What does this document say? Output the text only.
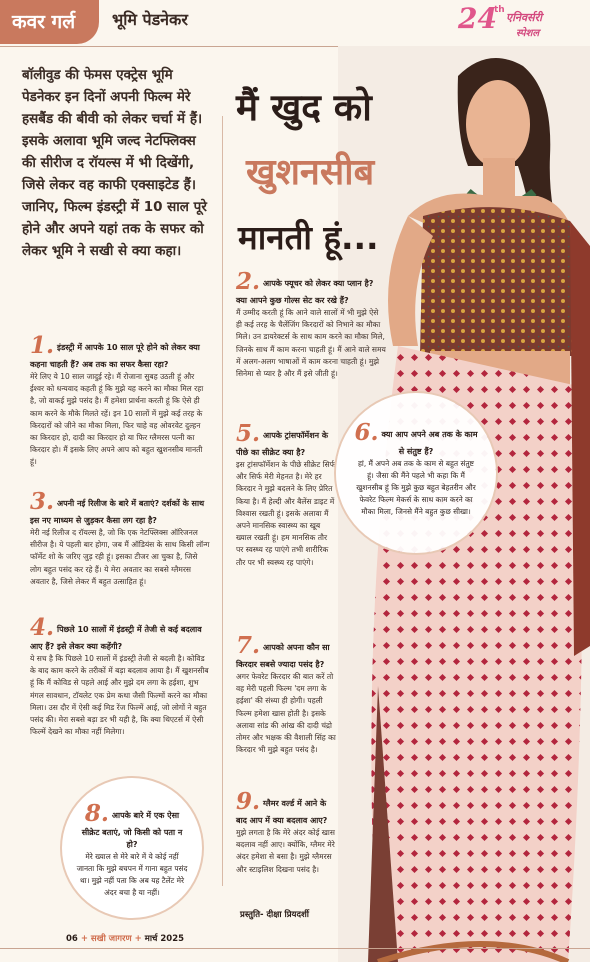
कवर गर्ल	भूमि पेडनेकर	24
th
एनिवर्सरी
स्पेशल
बॉलीवुड की फेमस एक्ट्रेस भूमि पेडनेकर इन दिनों अपनी फिल्म मेरे हसबैंड की बीवी को लेकर चर्चा में हैं। इसके अलावा भूमि जल्द नेटफ्लिक्स की सीरीज द रॉयल्स में भी दिखेंगी, जिसे लेकर वह काफी एक्साइटेड हैं। जानिए, फिल्म इंडस्ट्री में 10 साल पूरे होने और अपने यहां तक के सफर को लेकर भूमि ने सखी से क्या कहा।
मैं खुद को
खुशनसीब
मानती हूं...
1. इंडस्ट्री में आपके 10 साल पूरे होने को लेकर क्या कहना चाहती हैं? अब तक का सफर कैसा रहा?
मेरे लिए ये 10 साल जादुई रहे। मैं रोजाना सुबह उठती हूं और ईश्वर को धन्यवाद कहती हूं कि मुझे यह करने का मौका मिल रहा है, जो वाकई मुझे पसंद है। मैं हमेशा प्रार्थना करती हूं कि ऐसे ही काम करने के मौके मिलते रहें। इन 10 सालों में मुझे कई तरह के किरदारों को जीने का मौका मिला, फिर चाहे वह ओवरवेट दुल्हन का किरदार हो, दादी का किरदार हो या फिर ग्लैमरस पत्नी का किरदार हो। मैं इसके लिए अपने आप को बहुत खुशनसीब मानती हूं।
3. अपनी नई रिलीज के बारे में बताएं? दर्शकों के साथ इस नए माध्यम से जुड़कर कैसा लग रहा है?
मेरी नई रिलीज द रॉयल्स है, जो कि एक नेटफ्लिक्स ऑरिजनल सीरीज है। ये पहली बार होगा, जब मैं ऑडियंस के साथ किसी लॉन्ग फॉर्मेट शो के जरिए जुड़ रही हूं। इसका टीजर आ चुका है, जिसे लोग बहुत पसंद कर रहे हैं। ये मेरा अवतार का सबसे ग्लैमरस अवतार है, जिसे लेकर मैं बहुत उत्साहित हूं।
4. पिछले 10 सालों में इंडस्ट्री में तेजी से कई बदलाव आए हैं? इसे लेकर क्या कहेंगी?
ये सच है कि पिछले 10 सालों में इंडस्ट्री तेजी से बदली है। कोविड के बाद काम करने के तरीकों में बड़ा बदलाव आया है। मैं खुशनसीब हूं कि मैं कोविड से पहले आई और मुझे दम लगा के हईशा, शुभ मंगल सावधान, टॉयलेट एक प्रेम कथा जैसी फिल्मों करने का मौका मिला। उस दौर में ऐसी कई मिड रेंज फिल्में आई, जो लोगों ने बहुत पसंद की। मेरा सबसे बड़ा डर भी यही है, कि क्या थिएटर्स में ऐसी फिल्में देखने का मौका नहीं मिलेगा।
2. आपके फ्यूचर को लेकर क्या प्लान है? क्या आपने कुछ गोल्स सेट कर रखे हैं?
मैं उम्मीद करती हूं कि आने वाले सालों में भी मुझे ऐसे ही कई तरह के चैलेंजिंग किरदारों को निभाने का मौका मिले। उन डायरेक्टर्स के साथ काम करने का मौका मिले, जिनके साथ मैं काम करना चाहती हूं। मैं आने वाले समय में अलग-अलग भाषाओं में काम करना चाहती हूं। मुझे सिनेमा से प्यार है और मैं इसे जीती हूं।
5. आपके ट्रांसफॉर्मेशन के पीछे का सीक्रेट क्या है?
इस ट्रांसफॉर्मेशन के पीछे सीक्रेट सिर्फ और सिर्फ मेरी मेहनत है। मेरे हर किरदार ने मुझे बदलने के लिए प्रेरित किया है। मैं हेल्दी और बैलेंस डाइट में विश्वास रखती हूं। इसके अलावा मैं अपने मानसिक स्वास्थ्य का खूब ख्याल रखती हूं। हम मानसिक तौर पर स्वस्थ्य रह पाएंगे तभी शारीरिक तौर पर भी स्वस्थ्य रह पाएंगे।
7. आपको अपना कौन सा किरदार सबसे ज्यादा पसंद है?
अगर फेवरेट किरदार की बात करें तो वह मेरी पहली फिल्म 'दम लगा के हईशा' की संध्या ही होगी। पहली फिल्म हमेशा खास होती है। इसके अलावा सांड की आंख की दादी चंद्रो तोमर और भक्षक की वैशाली सिंह का किरदार भी मुझे बहुत पसंद है।
9. ग्लैमर वर्ल्ड में आने के बाद आप में क्या बदलाव आए?
मुझे लगता है कि मेरे अंदर कोई खास बदलाव नहीं आए। क्योंकि, ग्लैमर मेरे अंदर हमेशा से बसा है। मुझे ग्लैमरस और स्टाइलिश दिखना पसंद है।
6. क्या आप अपने अब तक के काम से संतुष्ट हैं?
हां, मैं अपने अब तक के काम से बहुत संतुष्ट हूं। जैसा की मैंने पहले भी कहा कि मैं खुशनसीब हूं कि मुझे कुछ बहुत बेहतरीन और फेवरेट फिल्म मेकर्स के साथ काम करने का मौका मिला, जिनसे मैंने बहुत कुछ सीखा।
8. आपके बारे में एक ऐसा सीक्रेट बताएं, जो किसी को पता न हो?
मेरे ख्याल से मेरे बारे में ये कोई नहीं जानता कि मुझे बचपन में गाना बहुत पसंद था। मुझे नहीं पता कि अब यह टैलेंट मेरे अंदर बचा है या नहीं।
प्रस्तुति- दीक्षा प्रियदर्शी
06 + सखी जागरण + मार्च 2025
